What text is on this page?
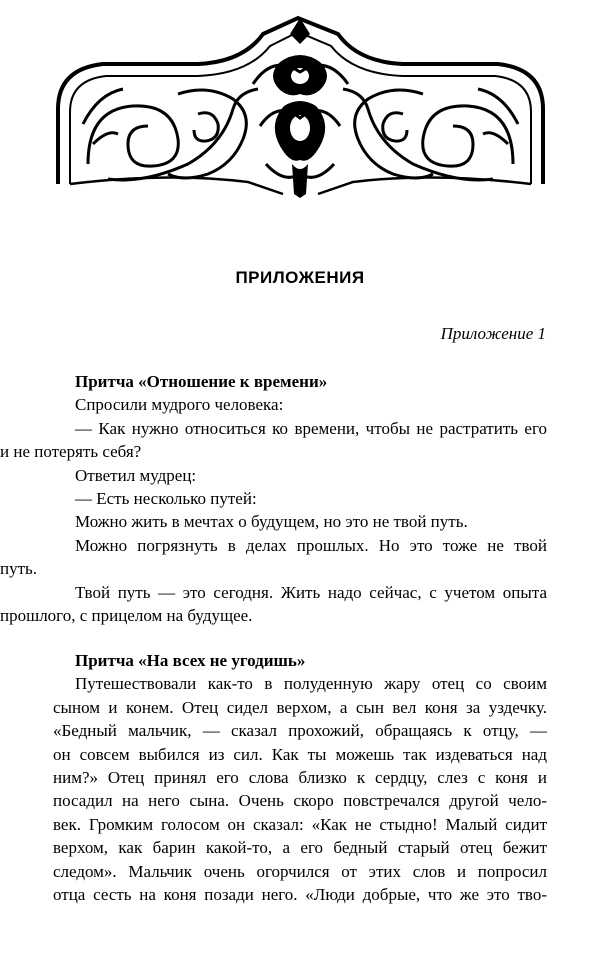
ПРИЛОЖЕНИЯ
Приложение 1

Притча «Отношение к времени»

Спросили мудрого человека:

— Как нужно относиться ко времени, чтобы не растратить его

и не потерять себя?

Ответил мудрец:

— Есть несколько путей:

Можно жить в мечтах о будущем, но это не твой путь.

Можно погрязнуть в делах прошлых. Но это тоже не твой

путь.

Твой путь — это сегодня. Жить надо сейчас, с учетом опыта

прошлого, с прицелом на будущее.

Притча «На всех не угодишь»

Путешествовали как-то в полуденную жару отец со своим

сыном и конем. Отец сидел верхом, а сын вел коня за уздечку.

«Бедный мальчик, — сказал прохожий, обращаясь к отцу, —

он совсем выбился из сил. Как ты можешь так издеваться над

ним?» Отец принял его слова близко к сердцу, слез с коня и

посадил на него сына. Очень скоро повстречался другой чело-

век. Громким голосом он сказал: «Как не стыдно! Малый сидит

верхом, как барин какой-то, а его бедный старый отец бежит

следом». Мальчик очень огорчился от этих слов и попросил

отца сесть на коня позади него. «Люди добрые, что же это тво-
